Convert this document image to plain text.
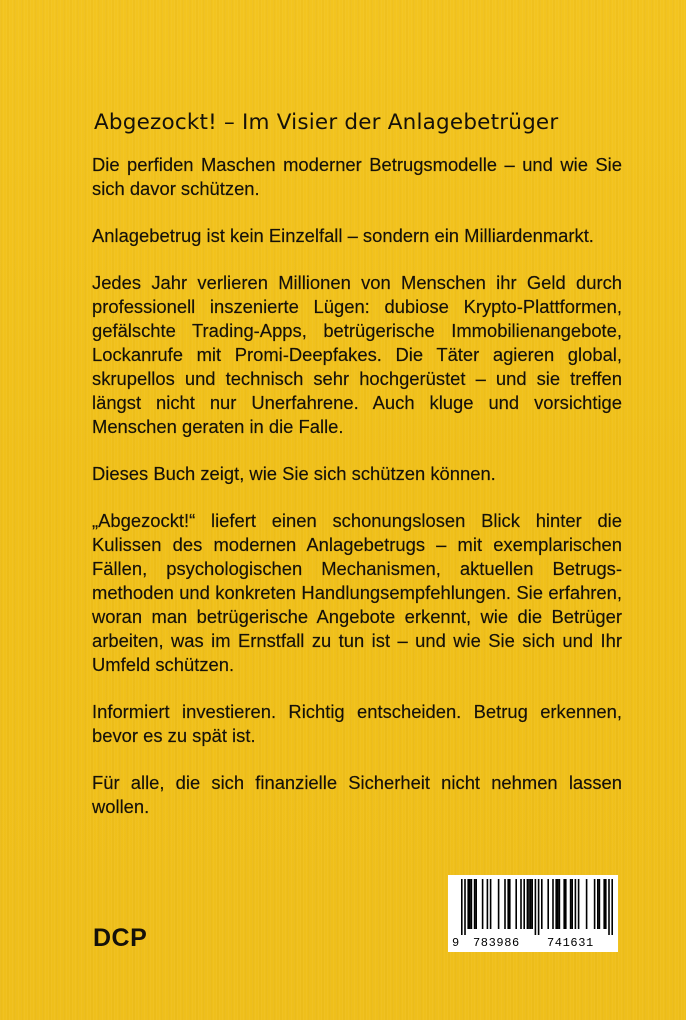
Abgezockt! – Im Visier der Anlagebetrüger

Die perfiden Maschen moderner Betrugsmodelle – und wie Sie sich davor schützen.

Anlagebetrug ist kein Einzelfall – sondern ein Milliardenmarkt.

Jedes Jahr verlieren Millionen von Menschen ihr Geld durch professionell inszenierte Lügen: dubiose Krypto-Plattformen, gefälschte Trading-Apps, betrügerische Immobilienangebote, Lockanrufe mit Promi-Deepfakes. Die Täter agieren global, skrupellos und technisch sehr hochgerüstet – und sie treffen längst nicht nur Unerfahrene. Auch kluge und vorsichtige Menschen geraten in die Falle.

Dieses Buch zeigt, wie Sie sich schützen können.

„Abgezockt!“ liefert einen schonungslosen Blick hinter die Kulissen des modernen Anlagebetrugs – mit exemplarischen Fällen, psychologischen Mechanismen, aktuellen Betrugsmethoden und konkreten Handlungsempfehlungen. Sie erfahren, woran man betrügerische Angebote erkennt, wie die Betrüger arbeiten, was im Ernstfall zu tun ist – und wie Sie sich und Ihr Umfeld schützen.

Informiert investieren. Richtig entscheiden. Betrug erkennen, bevor es zu spät ist.

Für alle, die sich finanzielle Sicherheit nicht nehmen lassen wollen.

DCP	9 783986 741631
